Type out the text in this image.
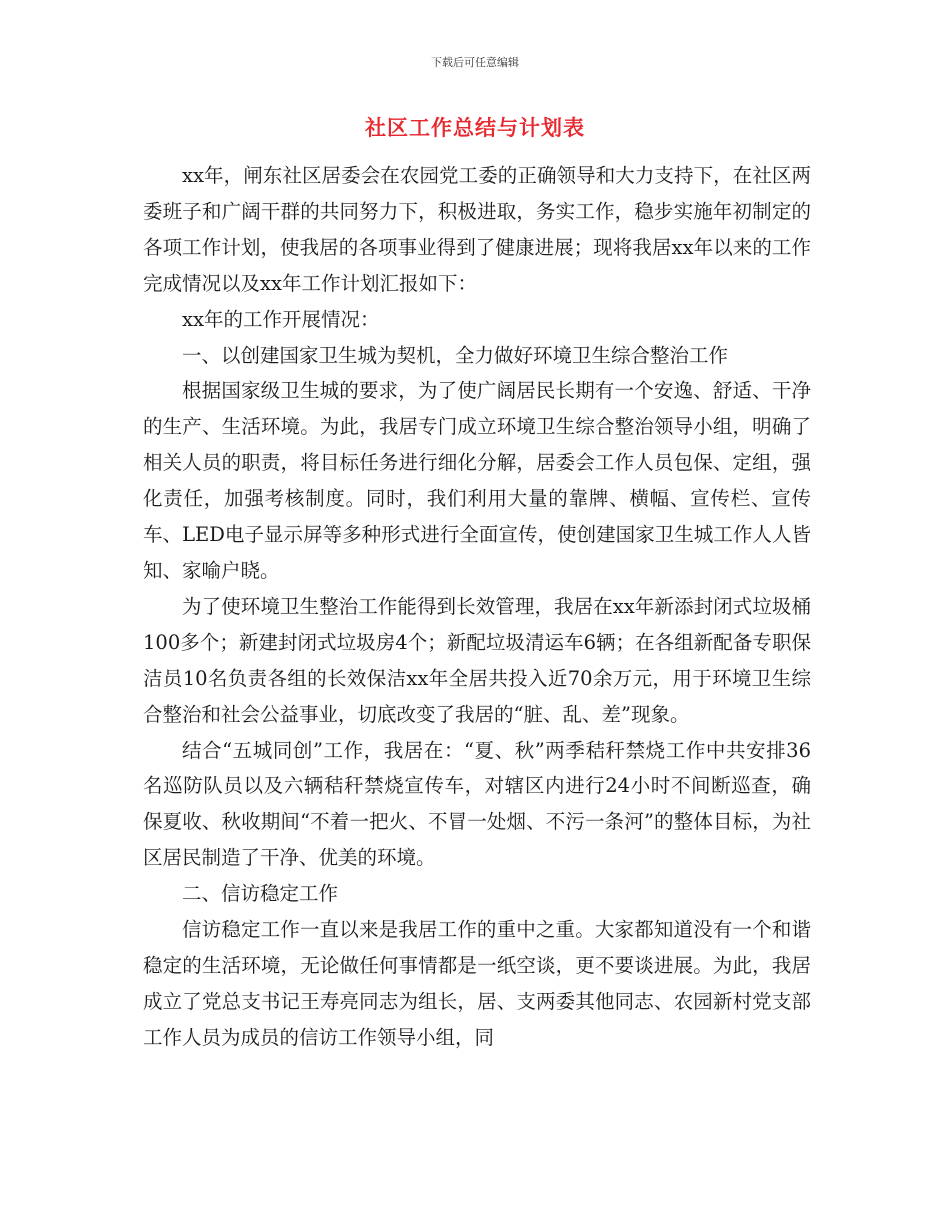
下载后可任意编辑
社区工作总结与计划表

xx年，闸东社区居委会在农园党工委的正确领导和大力支持下，在社区两委班子和广阔干群的共同努力下，积极进取，务实工作，稳步实施年初制定的各项工作计划，使我居的各项事业得到了健康进展；现将我居xx年以来的工作完成情况以及xx年工作计划汇报如下：

xx年的工作开展情况：

一、以创建国家卫生城为契机，全力做好环境卫生综合整治工作

根据国家级卫生城的要求，为了使广阔居民长期有一个安逸、舒适、干净的生产、生活环境。为此，我居专门成立环境卫生综合整治领导小组，明确了相关人员的职责，将目标任务进行细化分解，居委会工作人员包保、定组，强化责任，加强考核制度。同时，我们利用大量的靠牌、横幅、宣传栏、宣传车、LED电子显示屏等多种形式进行全面宣传，使创建国家卫生城工作人人皆知、家喻户晓。

为了使环境卫生整治工作能得到长效管理，我居在xx年新添封闭式垃圾桶100多个；新建封闭式垃圾房4个；新配垃圾清运车6辆；在各组新配备专职保洁员10名负责各组的长效保洁xx年全居共投入近70余万元，用于环境卫生综合整治和社会公益事业，切底改变了我居的“脏、乱、差”现象。

结合“五城同创”工作，我居在：“夏、秋”两季秸秆禁烧工作中共安排36名巡防队员以及六辆秸秆禁烧宣传车，对辖区内进行24小时不间断巡查，确保夏收、秋收期间“不着一把火、不冒一处烟、不污一条河”的整体目标，为社区居民制造了干净、优美的环境。

二、信访稳定工作

信访稳定工作一直以来是我居工作的重中之重。大家都知道没有一个和谐稳定的生活环境，无论做任何事情都是一纸空谈，更不要谈进展。为此，我居成立了党总支书记王寿亮同志为组长，居、支两委其他同志、农园新村党支部工作人员为成员的信访工作领导小组，同
